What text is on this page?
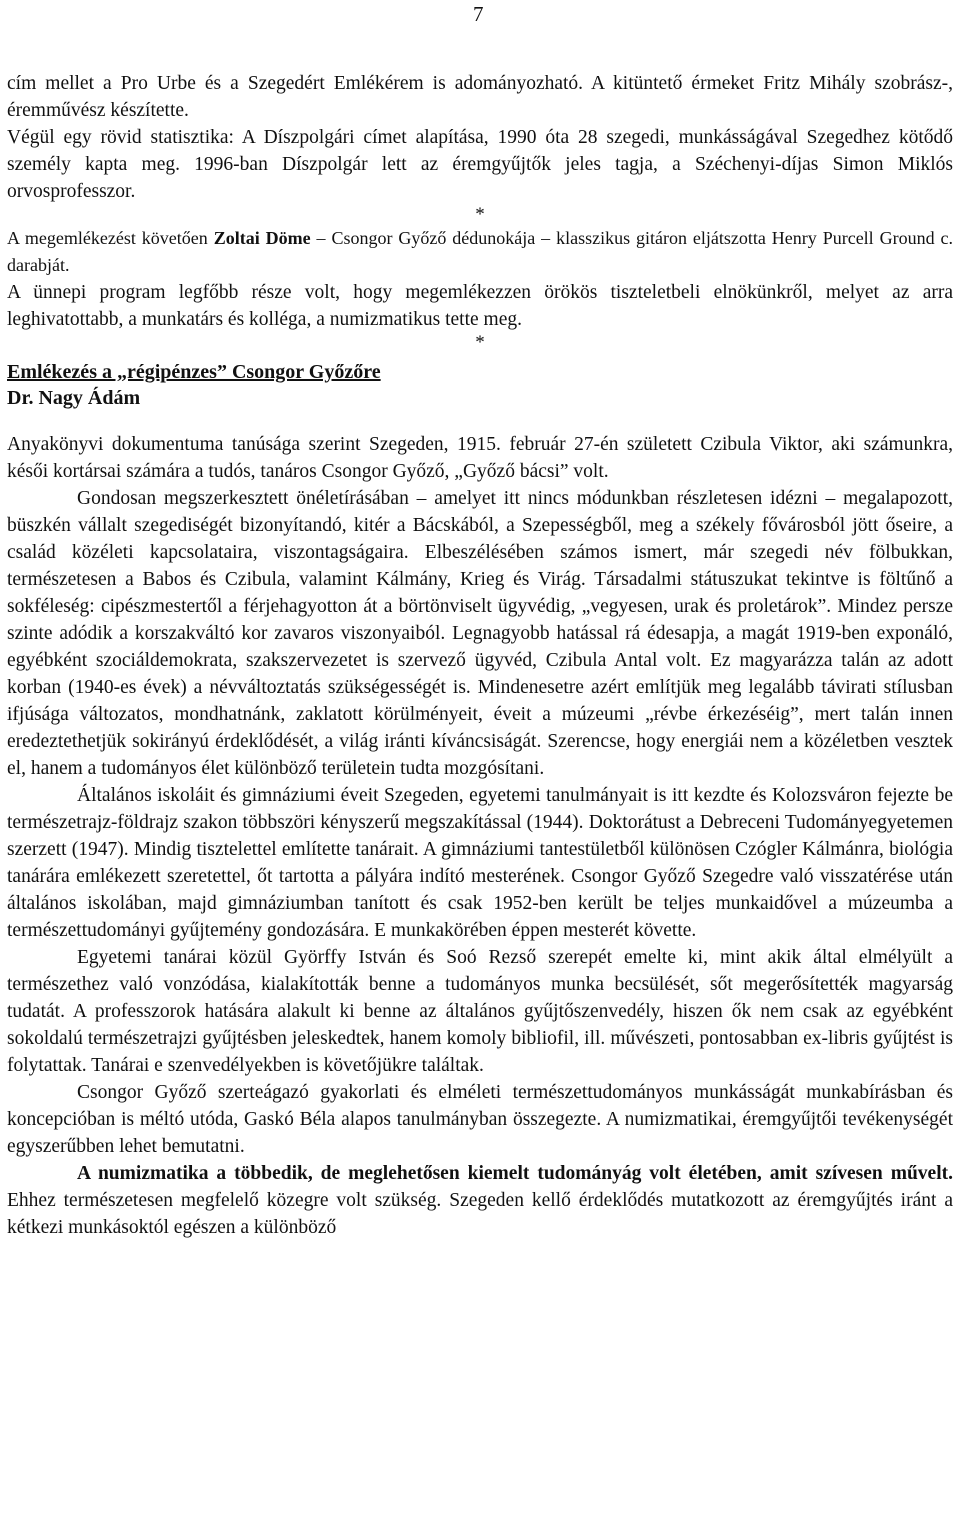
7

cím mellet a Pro Urbe és a Szegedért Emlékérem is adományozható. A kitüntető érmeket Fritz Mihály szobrász-, éremművész készítette.

Végül egy rövid statisztika: A Díszpolgári címet alapítása, 1990 óta 28 szegedi, munkásságával Szegedhez kötődő személy kapta meg. 1996-ban Díszpolgár lett az éremgyűjtők jeles tagja, a Széchenyi-díjas Simon Miklós orvosprofesszor.

*

A megemlékezést követően Zoltai Döme – Csongor Győző dédunokája – klasszikus gitáron eljátszotta Henry Purcell Ground c. darabját.

A ünnepi program legfőbb része volt, hogy megemlékezzen örökös tiszteletbeli elnökünkről, melyet az arra leghivatottabb, a munkatárs és kolléga, a numizmatikus tette meg.

*

Emlékezés a „régipénzes” Csongor Győzőre
Dr. Nagy Ádám

Anyakönyvi dokumentuma tanúsága szerint Szegeden, 1915. február 27-én született Czibula Viktor, aki számunkra, késői kortársai számára a tudós, tanáros Csongor Győző, „Győző bácsi” volt.

Gondosan megszerkesztett önéletírásában – amelyet itt nincs módunkban részletesen idézni – megalapozott, büszkén vállalt szegediségét bizonyítandó, kitér a Bácskából, a Szepességből, meg a székely fővárosból jött őseire, a család közéleti kapcsolataira, viszontagságaira. Elbeszélésében számos ismert, már szegedi név fölbukkan, természetesen a Babos és Czibula, valamint Kálmány, Krieg és Virág. Társadalmi státuszukat tekintve is föltűnő a sokféleség: cipészmestertől a férjehagyotton át a börtönviselt ügyvédig, „vegyesen, urak és proletárok”. Mindez persze szinte adódik a korszakváltó kor zavaros viszonyaiból. Legnagyobb hatással rá édesapja, a magát 1919-ben exponáló, egyébként szociáldemokrata, szakszervezetet is szervező ügyvéd, Czibula Antal volt. Ez magyarázza talán az adott korban (1940-es évek) a névváltoztatás szükségességét is. Mindenesetre azért említjük meg legalább távirati stílusban ifjúsága változatos, mondhatnánk, zaklatott körülményeit, éveit a múzeumi „révbe érkezéséig”, mert talán innen eredeztethetjük sokirányú érdeklődését, a világ iránti kíváncsiságát. Szerencse, hogy energiái nem a közéletben vesztek el, hanem a tudományos élet különböző területein tudta mozgósítani.

Általános iskoláit és gimnáziumi éveit Szegeden, egyetemi tanulmányait is itt kezdte és Kolozsváron fejezte be természetrajz-földrajz szakon többszöri kényszerű megszakítással (1944). Doktorátust a Debreceni Tudományegyetemen szerzett (1947). Mindig tisztelettel említette tanárait. A gimnáziumi tantestületből különösen Czógler Kálmánra, biológia tanárára emlékezett szeretettel, őt tartotta a pályára indító mesterének. Csongor Győző Szegedre való visszatérése után általános iskolában, majd gimnáziumban tanított és csak 1952-ben került be teljes munkaidővel a múzeumba a természettudományi gyűjtemény gondozására. E munkakörében éppen mesterét követte.

Egyetemi tanárai közül Györffy István és Soó Rezső szerepét emelte ki, mint akik által elmélyült a természethez való vonzódása, kialakították benne a tudományos munka becsülését, sőt megerősítették magyarság tudatát. A professzorok hatására alakult ki benne az általános gyűjtőszenvedély, hiszen ők nem csak az egyébként sokoldalú természetrajzi gyűjtésben jeleskedtek, hanem komoly bibliofil, ill. művészeti, pontosabban ex-libris gyűjtést is folytattak. Tanárai e szenvedélyekben is követőjükre találtak.

Csongor Győző szerteágazó gyakorlati és elméleti természettudományos munkásságát munkabírásban és koncepcióban is méltó utóda, Gaskó Béla alapos tanulmányban összegezte. A numizmatikai, éremgyűjtői tevékenységét egyszerűbben lehet bemutatni.

A numizmatika a többedik, de meglehetősen kiemelt tudományág volt életében, amit szívesen művelt. Ehhez természetesen megfelelő közegre volt szükség. Szegeden kellő érdeklődés mutatkozott az éremgyűjtés iránt a kétkezi munkásoktól egészen a különböző
